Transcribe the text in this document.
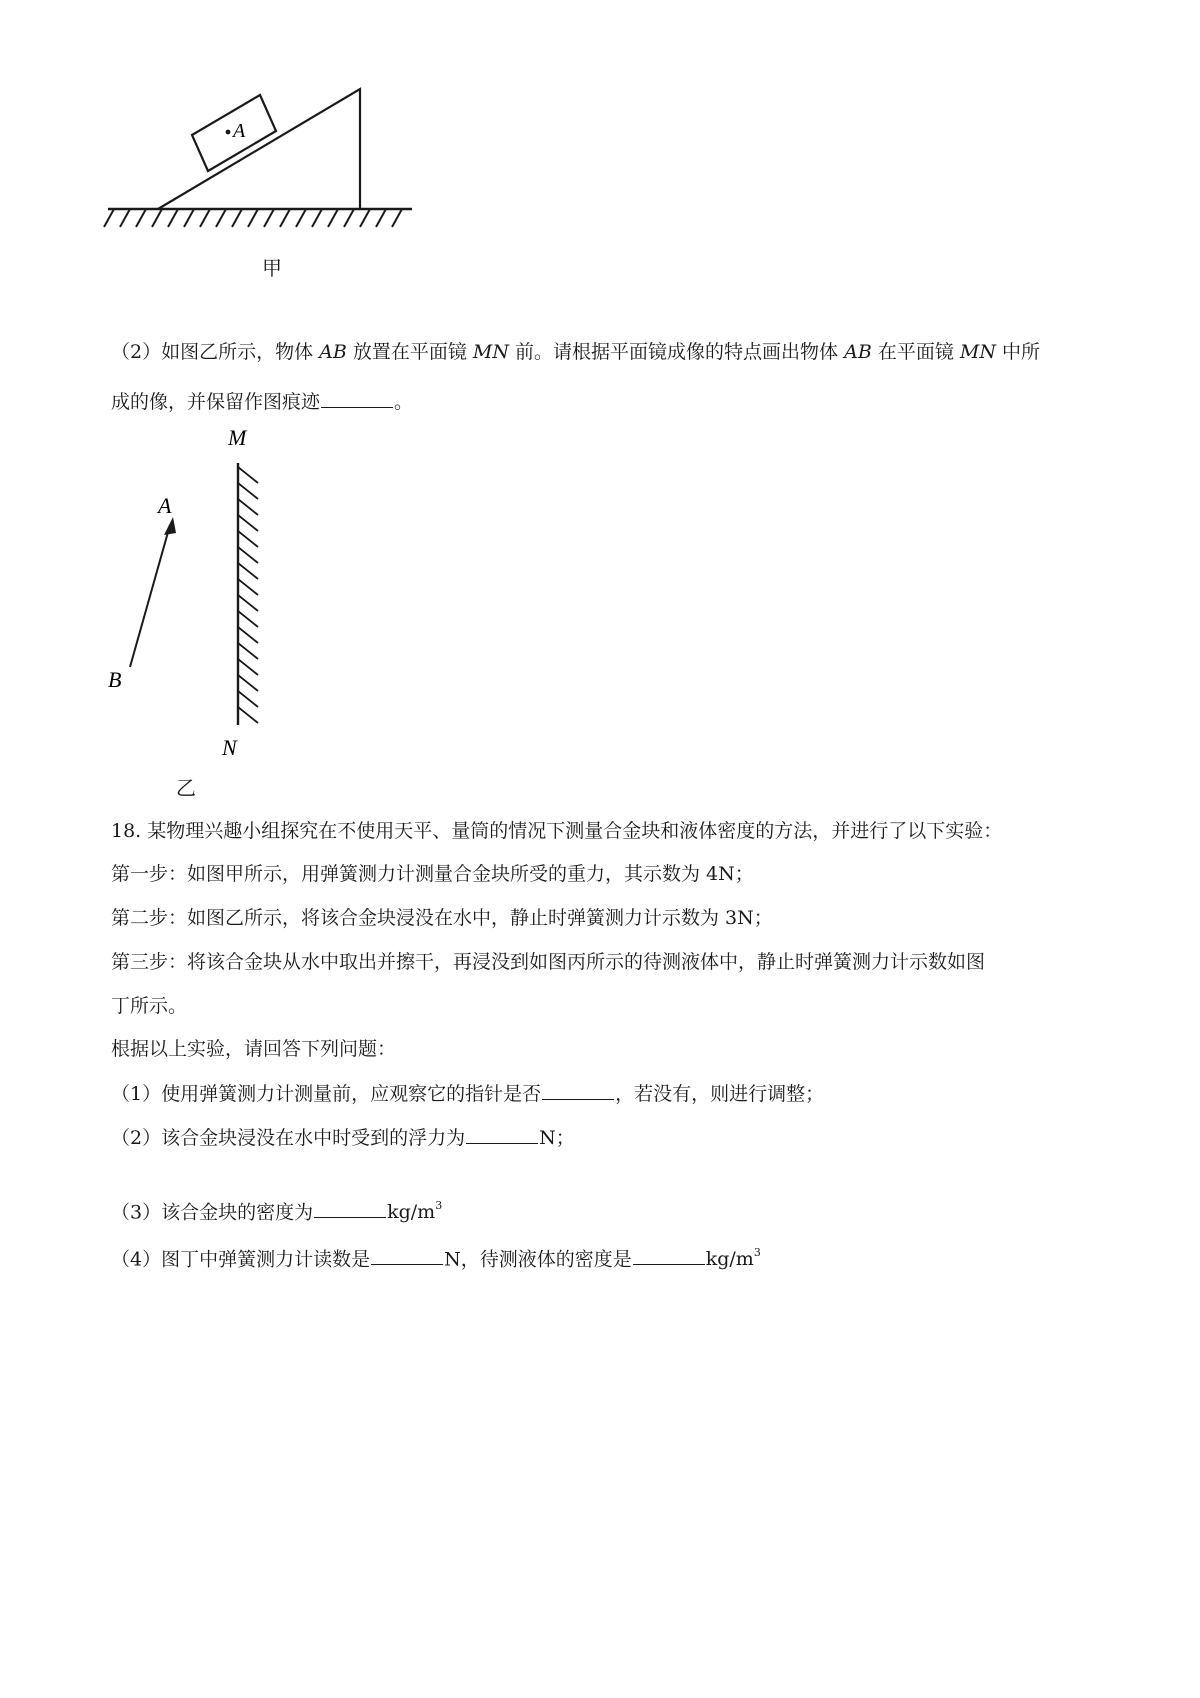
A
甲
（2）如图乙所示，物体 AB 放置在平面镜 MN 前。请根据平面镜成像的特点画出物体 AB 在平面镜 MN 中所
成的像，并保留作图痕迹	。
M
N
A
B
乙
18. 某物理兴趣小组探究在不使用天平、量筒的情况下测量合金块和液体密度的方法，并进行了以下实验：
第一步：如图甲所示，用弹簧测力计测量合金块所受的重力，其示数为 4N；
第二步：如图乙所示，将该合金块浸没在水中，静止时弹簧测力计示数为 3N；
第三步：将该合金块从水中取出并擦干，再浸没到如图丙所示的待测液体中，静止时弹簧测力计示数如图
丁所示。
根据以上实验，请回答下列问题：
（1）使用弹簧测力计测量前，应观察它的指针是否	，若没有，则进行调整；
（2）该合金块浸没在水中时受到的浮力为	N；
（3）该合金块的密度为	$kg/m^3$
（4）图丁中弹簧测力计读数是	N，待测液体的密度是	$kg/m^3$
